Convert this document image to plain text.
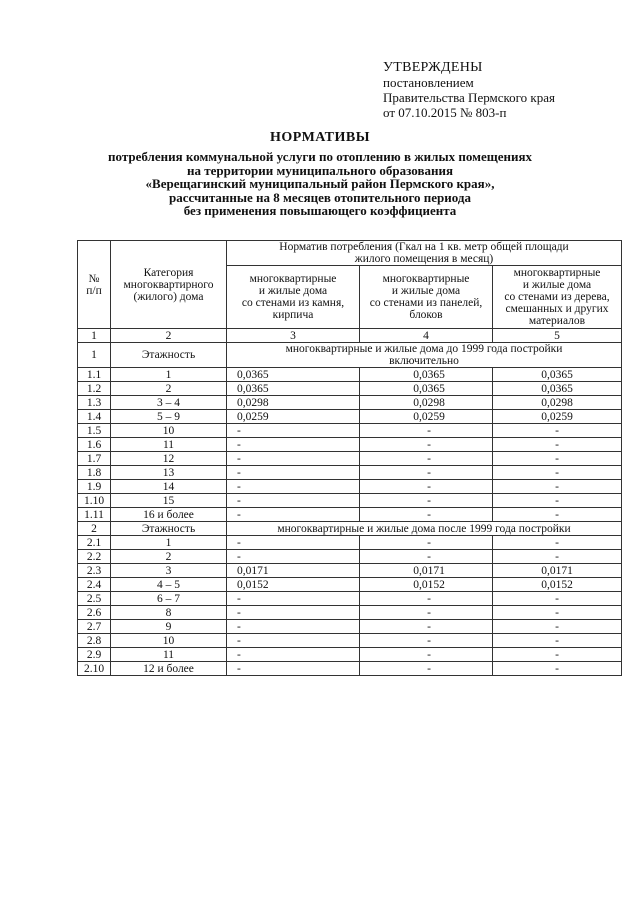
УТВЕРЖДЕНЫ
постановлением
Правительства Пермского края
от 07.10.2015 № 803-п
НОРМАТИВЫ
потребления коммунальной услуги по отоплению в жилых помещениях
на территории муниципального образования
«Верещагинский муниципальный район Пермского края»,
рассчитанные на 8 месяцев отопительного периода
без применения повышающего коэффициента
№
п/п	Категория
многоквартирного
(жилого) дома	Норматив потребления (Гкал на 1 кв. метр общей площади
жилого помещения в месяц)		
		многоквартирные
и жилые дома
со стенами из камня,
кирпича	многоквартирные
и жилые дома
со стенами из панелей,
блоков	многоквартирные
и жилые дома
со стенами из дерева,
смешанных и других
материалов
1	2	3	4	5
1	Этажность	многоквартирные и жилые дома до 1999 года постройки
включительно		
1.1	1	0,0365	0,0365	0,0365
1.2	2	0,0365	0,0365	0,0365
1.3	3 – 4	0,0298	0,0298	0,0298
1.4	5 – 9	0,0259	0,0259	0,0259
1.5	10	-	-	-
1.6	11	-	-	-
1.7	12	-	-	-
1.8	13	-	-	-
1.9	14	-	-	-
1.10	15	-	-	-
1.11	16 и более	-	-	-
2	Этажность	многоквартирные и жилые дома после 1999 года постройки		
2.1	1	-	-	-
2.2	2	-	-	-
2.3	3	0,0171	0,0171	0,0171
2.4	4 – 5	0,0152	0,0152	0,0152
2.5	6 – 7	-	-	-
2.6	8	-	-	-
2.7	9	-	-	-
2.8	10	-	-	-
2.9	11	-	-	-
2.10	12 и более	-	-	-
